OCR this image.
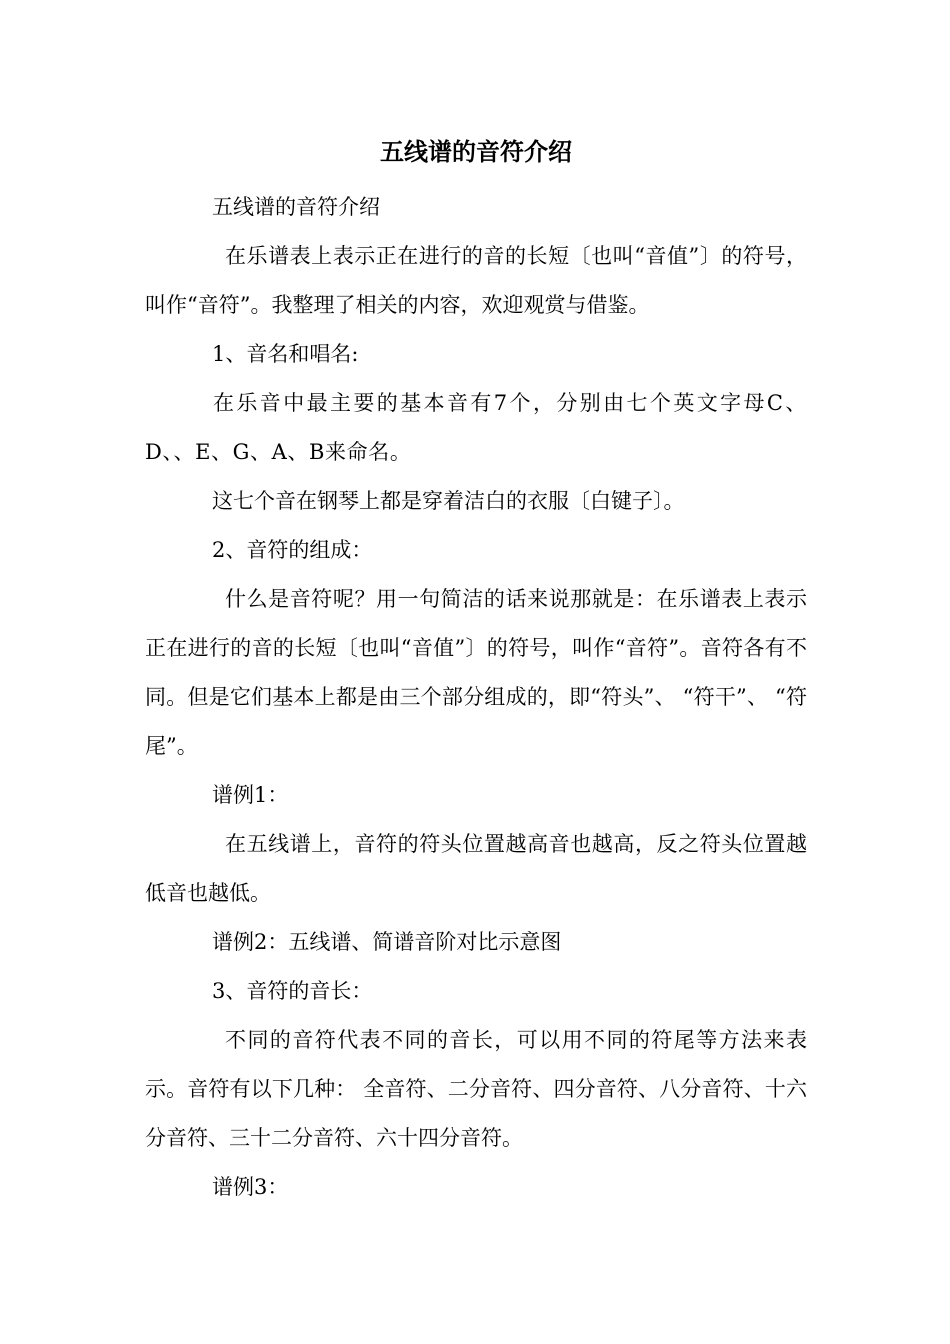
五线谱的音符介绍

五线谱的音符介绍

在乐谱表上表示正在进行的音的长短〔也叫“音值”〕的符号，叫作“音符”。我整理了相关的内容，欢迎观赏与借鉴。

1、音名和唱名:

在乐音中最主要的基本音有7个，分别由七个英文字母C、D、、E、G、A、B来命名。

这七个音在钢琴上都是穿着洁白的衣服〔白键子〕。

2、音符的组成：

什么是音符呢？用一句简洁的话来说那就是：在乐谱表上表示正在进行的音的长短〔也叫“音值”〕的符号，叫作“音符”。音符各有不同。但是它们基本上都是由三个部分组成的，即“符头”、 “符干”、 “符尾”。

谱例1：

在五线谱上，音符的符头位置越高音也越高，反之符头位置越低音也越低。

谱例2：五线谱、简谱音阶对比示意图

3、音符的音长：

不同的音符代表不同的音长，可以用不同的符尾等方法来表示。音符有以下几种： 全音符、二分音符、四分音符、八分音符、十六分音符、三十二分音符、六十四分音符。

谱例3：
